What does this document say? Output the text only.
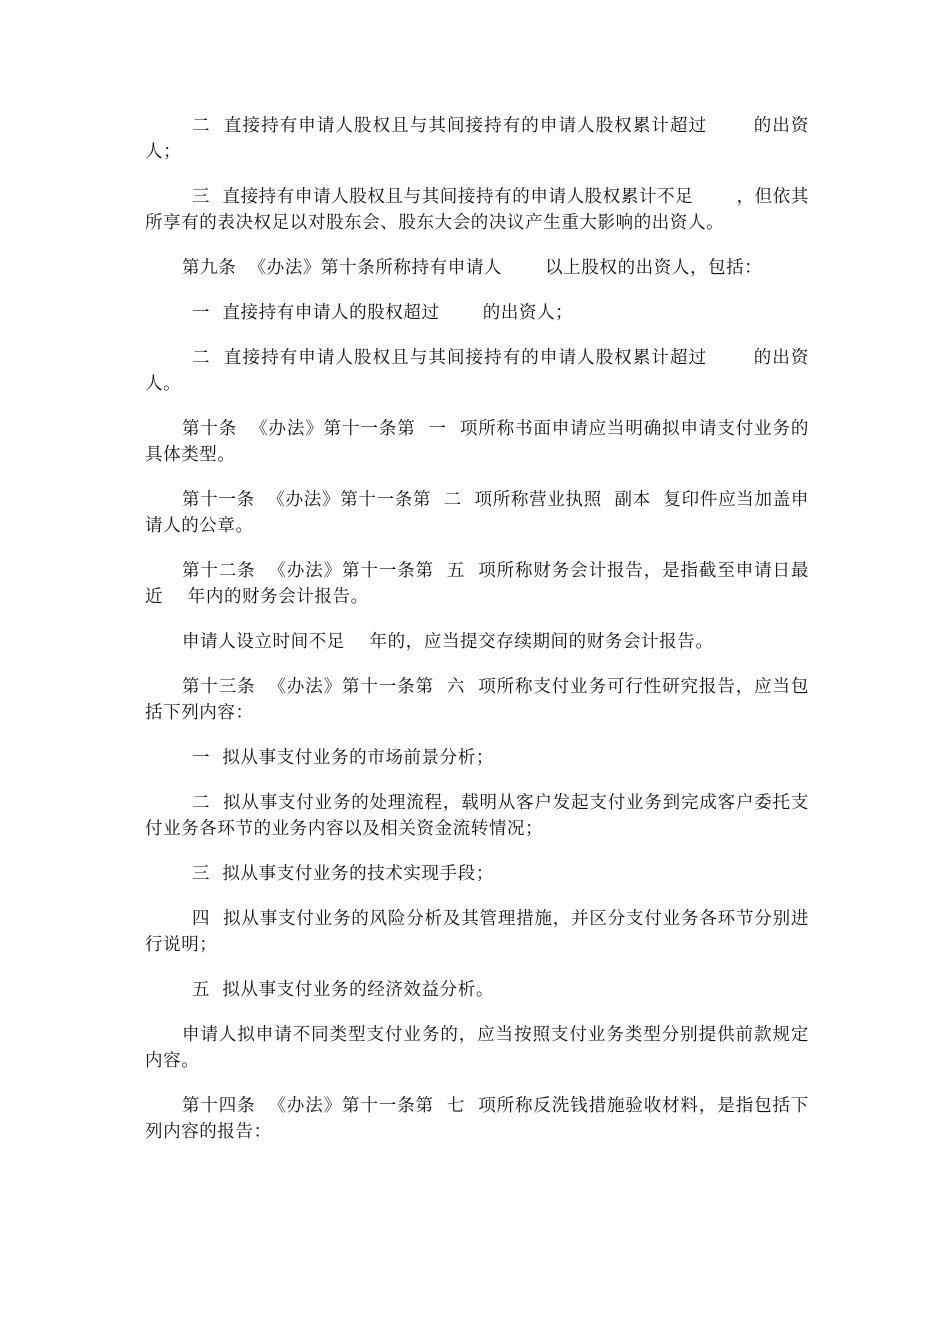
二  直接持有申请人股权且与其间接持有的申请人股权累计超过       的出资人；

三  直接持有申请人股权且与其间接持有的申请人股权累计不足       ，但依其所享有的表决权足以对股东会、股东大会的决议产生重大影响的出资人。

第九条  《办法》第十条所称持有申请人       以上股权的出资人，包括：

一  直接持有申请人的股权超过       的出资人；

二  直接持有申请人股权且与其间接持有的申请人股权累计超过       的出资人。

第十条  《办法》第十一条第  一  项所称书面申请应当明确拟申请支付业务的具体类型。

第十一条  《办法》第十一条第  二  项所称营业执照  副本  复印件应当加盖申请人的公章。

第十二条  《办法》第十一条第  五  项所称财务会计报告，是指截至申请日最近    年内的财务会计报告。

申请人设立时间不足    年的，应当提交存续期间的财务会计报告。

第十三条  《办法》第十一条第  六  项所称支付业务可行性研究报告，应当包括下列内容：

一  拟从事支付业务的市场前景分析；

二  拟从事支付业务的处理流程，载明从客户发起支付业务到完成客户委托支付业务各环节的业务内容以及相关资金流转情况；

三  拟从事支付业务的技术实现手段；

四  拟从事支付业务的风险分析及其管理措施，并区分支付业务各环节分别进行说明；

五  拟从事支付业务的经济效益分析。

申请人拟申请不同类型支付业务的，应当按照支付业务类型分别提供前款规定内容。

第十四条  《办法》第十一条第  七  项所称反洗钱措施验收材料，是指包括下列内容的报告：
